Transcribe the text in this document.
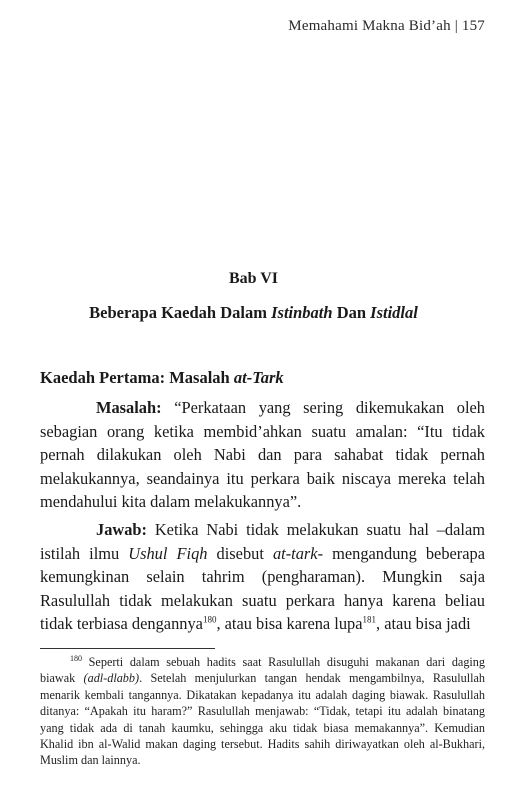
Memahami Makna Bid’ah | 157
Bab VI
Beberapa Kaedah Dalam Istinbath Dan Istidlal
Kaedah Pertama: Masalah at-Tark

Masalah: “Perkataan yang sering dikemukakan oleh sebagian orang ketika membid’ahkan suatu amalan: “Itu tidak pernah dilakukan oleh Nabi dan para sahabat tidak pernah melakukannya, seandainya itu perkara baik niscaya mereka telah mendahului kita dalam melakukannya”.

Jawab: Ketika Nabi tidak melakukan suatu hal –dalam istilah ilmu Ushul Fiqh disebut at-tark- mengandung beberapa kemungkinan selain tahrim (pengharaman). Mungkin saja Rasulullah tidak melakukan suatu perkara hanya karena beliau tidak terbiasa dengannya$^{180}$, atau bisa karena lupa$^{181}$, atau bisa jadi

$^{180}$ Seperti dalam sebuah hadits saat Rasulullah disuguhi makanan dari daging biawak (adl-dlabb). Setelah menjulurkan tangan hendak mengambilnya, Rasulullah menarik kembali tangannya. Dikatakan kepadanya itu adalah daging biawak. Rasulullah ditanya: “Apakah itu haram?” Rasulullah menjawab: “Tidak, tetapi itu adalah binatang yang tidak ada di tanah kaumku, sehingga aku tidak biasa memakannya”. Kemudian Khalid ibn al-Walid makan daging tersebut. Hadits sahih diriwayatkan oleh al-Bukhari, Muslim dan lainnya.
